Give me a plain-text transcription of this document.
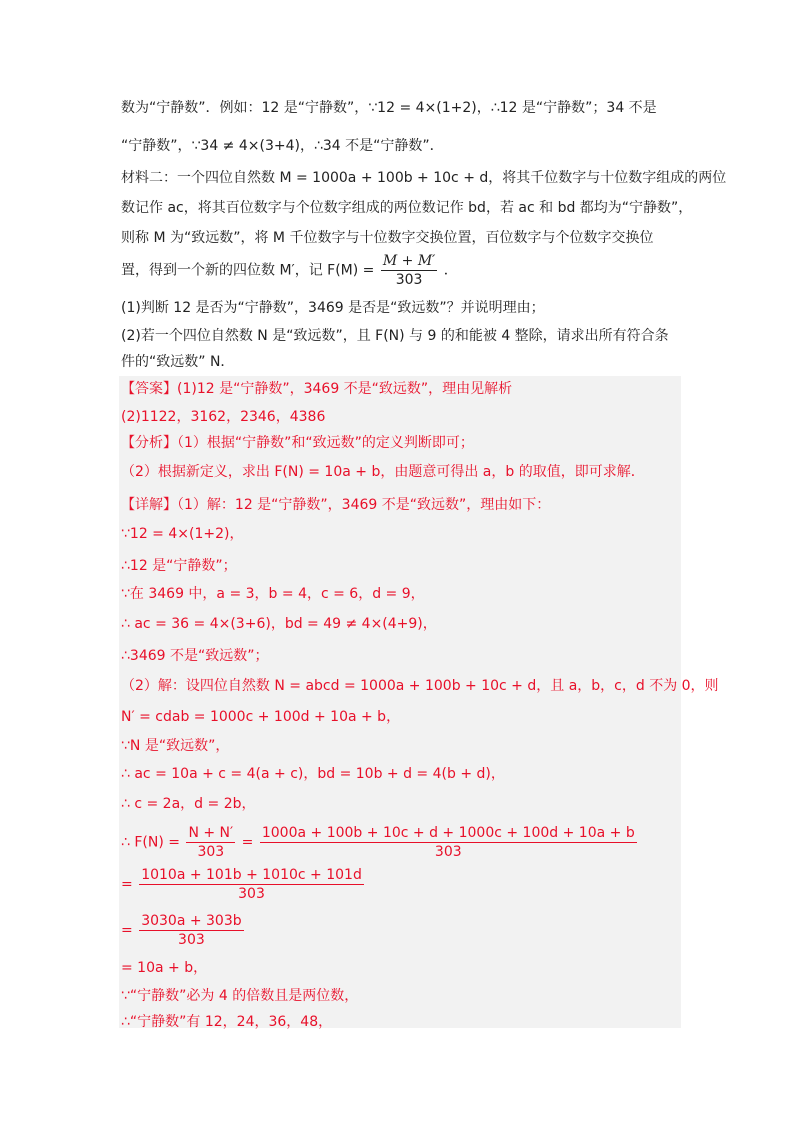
数为“宁静数”．例如：12 是“宁静数”，∵12 = 4×(1+2)，∴12 是“宁静数”；34 不是
“宁静数”，∵34 ≠ 4×(3+4)，∴34 不是“宁静数”．
材料二：一个四位自然数 M = 1000a + 100b + 10c + d，将其千位数字与十位数字组成的两位
数记作 ac，将其百位数字与个位数字组成的两位数记作 bd，若 ac 和 bd 都均为“宁静数”，
则称 M 为“致远数”，将 M 千位数字与十位数字交换位置，百位数字与个位数字交换位
置，得到一个新的四位数 M′，记 $F(M) = \frac{M + M'}{303}$ ．
(1)判断 12 是否为“宁静数”，3469 是否是“致远数”？并说明理由；
(2)若一个四位自然数 N 是“致远数”，且 F(N) 与 9 的和能被 4 整除，请求出所有符合条
件的“致远数” N．
【答案】(1)12 是“宁静数”，3469 不是“致远数”，理由见解析
(2)1122，3162，2346，4386
【分析】（1）根据“宁静数”和“致远数”的定义判断即可；
（2）根据新定义，求出 F(N) = 10a + b，由题意可得出 a，b 的取值，即可求解．
【详解】（1）解：12 是“宁静数”，3469 不是“致远数”，理由如下：
∵12 = 4×(1+2)，
∴12 是“宁静数”；
∵在 3469 中，a = 3，b = 4，c = 6，d = 9，
∴ ac = 36 = 4×(3+6)，bd = 49 ≠ 4×(4+9)，
∴3469 不是“致远数”；
（2）解：设四位自然数 N = abcd = 1000a + 100b + 10c + d，且 a，b，c，d 不为 0，则
N′ = cdab = 1000c + 100d + 10a + b，
∵N 是“致远数”，
∴ ac = 10a + c = 4(a + c)，bd = 10b + d = 4(b + d)，
∴ c = 2a，d = 2b，
∴ $F(N) = \frac{N + N'}{303} = \frac{1000a + 100b + 10c + d + 1000c + 100d + 10a + b}{303}$
= $\frac{1010a + 101b + 1010c + 101d}{303}$
= $\frac{3030a + 303b}{303}$
= 10a + b，
∵“宁静数”必为 4 的倍数且是两位数，
∴“宁静数”有 12，24，36，48，
